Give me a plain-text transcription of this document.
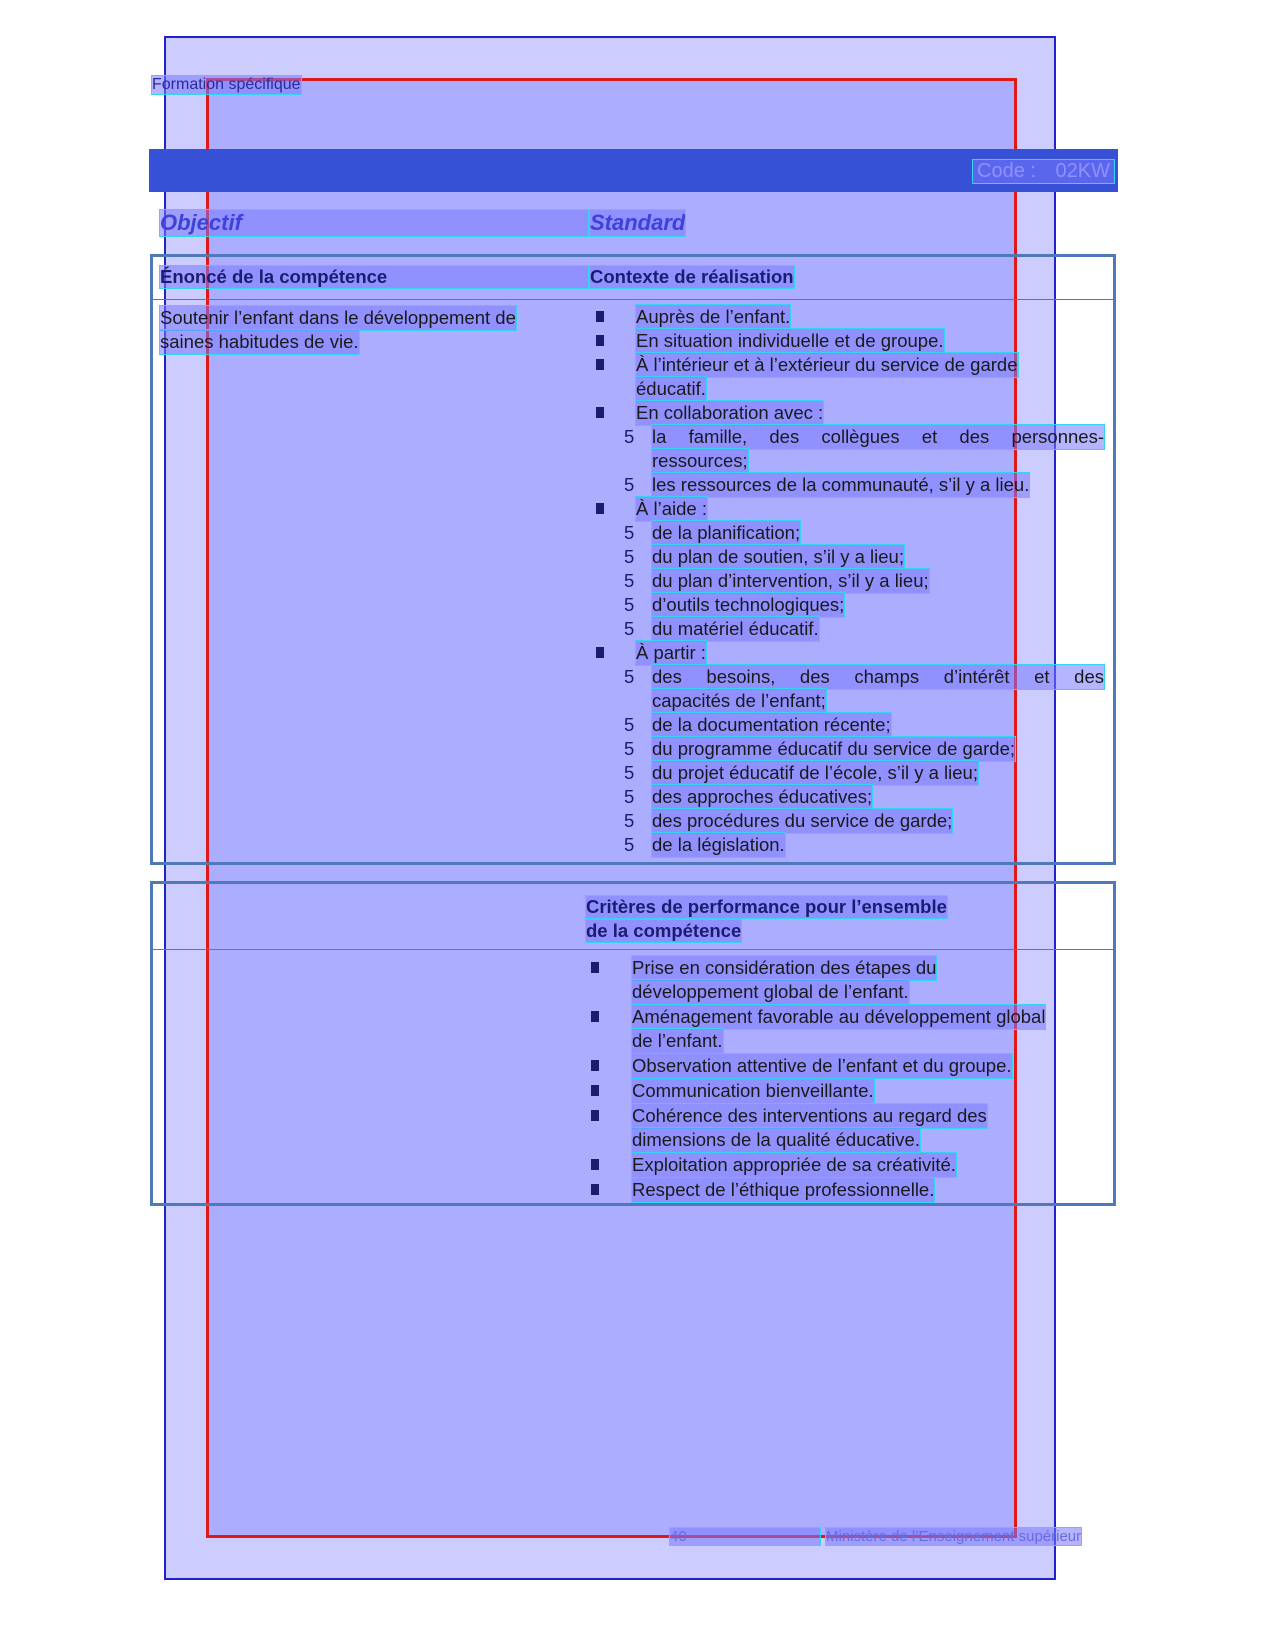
Formation spécifique
Code : 02KW
Objectif	Standard
Énoncé de la compétence	Contexte de réalisation
Soutenir l’enfant dans le développement de
saines habitudes de vie.
Auprès de l’enfant.
En situation individuelle et de groupe.
À l’intérieur et à l’extérieur du service de garde
éducatif.
En collaboration avec :
5 la famille, des collègues et des personnes-
ressources;
5 les ressources de la communauté, s’il y a lieu.
À l’aide :
5 de la planification;
5 du plan de soutien, s’il y a lieu;
5 du plan d’intervention, s’il y a lieu;
5 d’outils technologiques;
5 du matériel éducatif.
À partir :
5 des besoins, des champs d’intérêt et des
capacités de l’enfant;
5 de la documentation récente;
5 du programme éducatif du service de garde;
5 du projet éducatif de l’école, s’il y a lieu;
5 des approches éducatives;
5 des procédures du service de garde;
5 de la législation.
Critères de performance pour l’ensemble
de la compétence
Prise en considération des étapes du
développement global de l’enfant.
Aménagement favorable au développement global
de l’enfant.
Observation attentive de l’enfant et du groupe.
Communication bienveillante.
Cohérence des interventions au regard des
dimensions de la qualité éducative.
Exploitation appropriée de sa créativité.
Respect de l’éthique professionnelle.
40	Ministère de l’Enseignement supérieur
